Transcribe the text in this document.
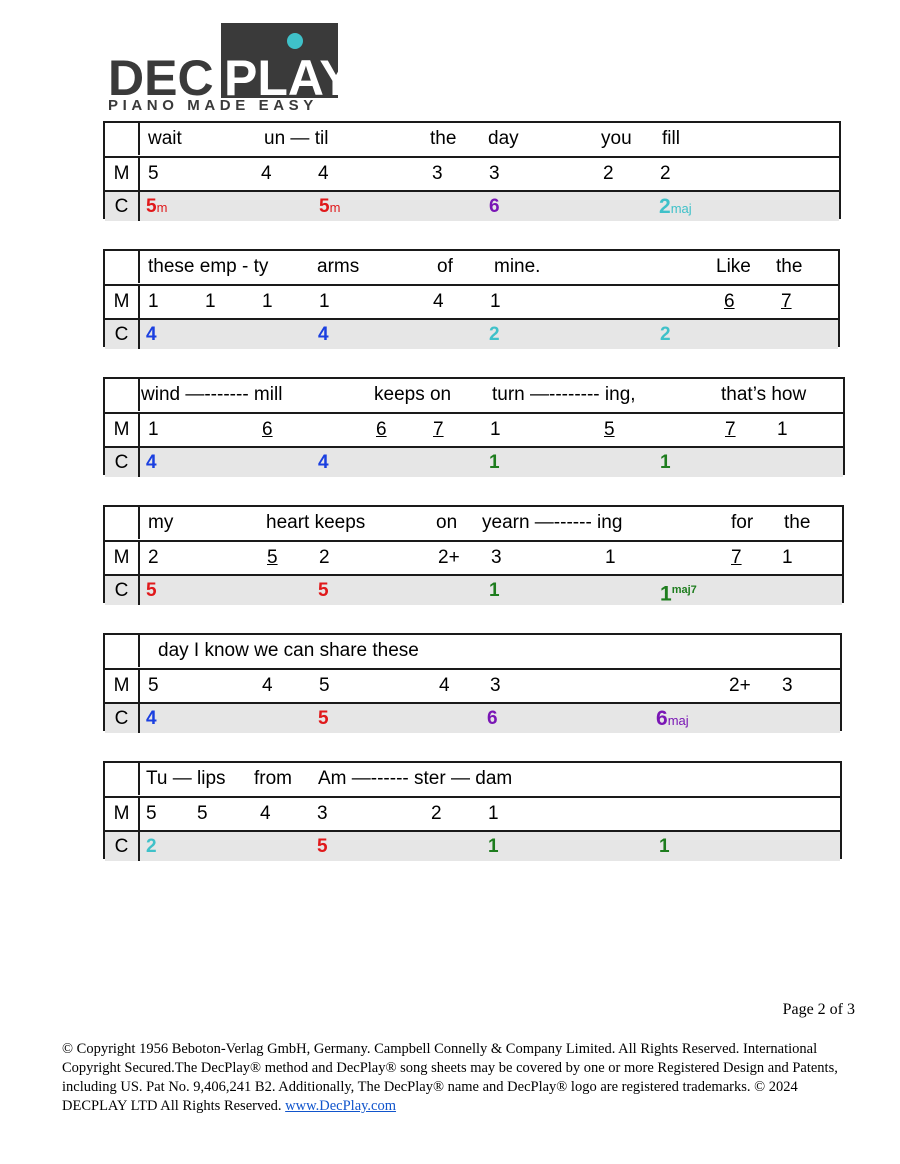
DEC PLAY
PIANO MADE EASY
wait	un — til	the day	you fill
M 5	4 4	3 3	2 2
C 5m	5m	6	2maj
these emp - ty	arms	of mine.	Like the
M 1 1 1 1	4 1	6 7
C 4	4	2	2
wind —------- mill	keeps on turn —-------- ing,	that’s how
M 1	6	6 7 1	5	7 1
C 4	4	1	1
my	heart keeps	on yearn —------ ing	for the
M 2	5 2	2+ 3	1	7 1
C 5	5	1	$1^{maj7}$
day I know we can share these
M 5	4 5	4 3	2+ 3
C 4	5	6	6maj
Tu — lips from Am —------ ster — dam
M 5 5	4 3	2 1
C 2	5	1	1
Page 2 of 3
© Copyright 1956 Beboton-Verlag GmbH, Germany. Campbell Connelly & Company Limited. All Rights Reserved. International Copyright Secured.The DecPlay® method and DecPlay® song sheets may be covered by one or more Registered Design and Patents, including US. Pat No. 9,406,241 B2. Additionally, The DecPlay® name and DecPlay® logo are registered trademarks. © 2024 DECPLAY LTD All Rights Reserved. www.DecPlay.com
